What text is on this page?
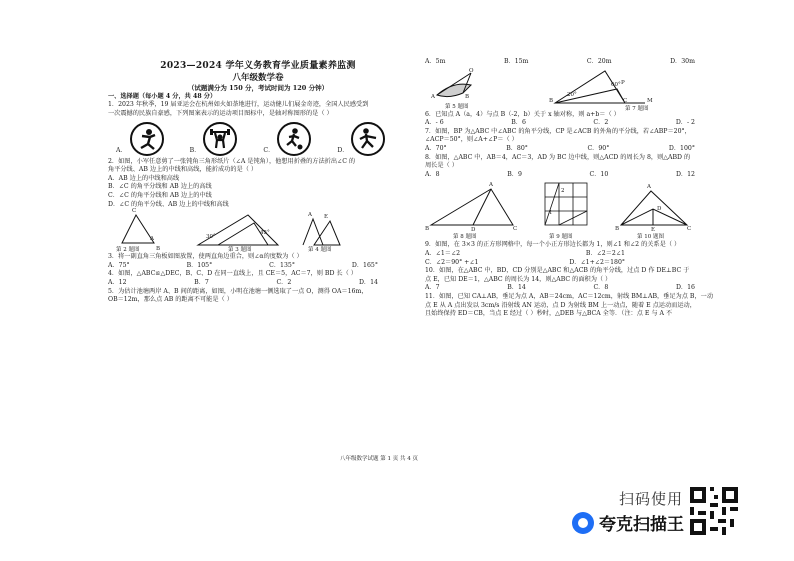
2023—2024 学年义务教育学业质量素养监测

八年级数学卷

（试题满分为 150 分，考试时间为 120 分钟）

一、选择题（每小题 4 分，共 48 分）

1．2023 年秋季，19 届亚运会在杭州如火如荼地进行，运动健儿们展金奇迹，全国人民感受到

一次震撼的民族自豪感，下列图案表示的运动项目图标中，是轴对称图形的是（ ）

A．	B．	C．	D．

2．如图，小军任意剪了一张钝角三角形纸片（∠A 是钝角），他想用折叠的方法折出∠C 的

角平分线、AB 边上的中线和高线，能折成功的是（ ）

A．AB 边上的中线和高线

B．∠C 的角平分线和 AB 边上的高线

C．∠C 的角平分线和 AB 边上的中线

D．∠C 的角平分线、AB 边上的中线和高线

C
A
B
30°
45°
A E
第 2 题图	第 3 题图	第 4 题图

3．将一副直角三角板如图放置，使两直角边重合，则∠α的度数为（ ）

A．75°	B．105°	C．135°	D．165°

4．如图，△ABC≌△DEC，B、C、D 在同一直线上，且 CE＝5，AC＝7，则 BD 长（ ）

A．12	B．7	C．2	D．14

5．为估计池塘两岸 A、B 间的距离，如图，小明在池塘一侧选取了一点 O，测得 OA＝16m，

OB＝12m，那么点 AB 的距离不可能是（ ）

A．5m	B．15m	C．20m	D．30m
O
A	B
第 5 题图
20°
60° P
B	C	M
第 7 题图

6．已知点 A（a，4）与点 B（-2，b）关于 x 轴对称，则 a+b＝（ ）

A．- 6	B．6	C．2	D．- 2

7．如图，BP 为△ABC 中∠ABC 的角平分线，CP 是∠ACB 的外角的平分线，若∠ABP＝20°，

∠ACP＝50°，则∠A+∠P＝（ ）

A．70°	B．80°	C．90°	D．100°

8．如图，△ABC 中，AB＝4，AC＝3，AD 为 BC 边中线，则△ACD 的周长为 8，则△ABD 的

周长是（ ）

A．8	B．9	C．10	D．12
A
B	D	C
2
1
A
B	E
D
C
第 8 题图	第 9 题图	第 10 题图

9．如图，在 3×3 的正方形网格中，每一个小正方形边长都为 1，则∠1 和∠2 的关系是（ ）

A．∠1＝∠2	B．∠2＝2∠1
C．∠2＝90° +∠1	D．∠1+∠2＝180°

10．如图，在△ABC 中，BD，CD 分别是△ABC 和△ACB 的角平分线，过点 D 作 DE⊥BC 于

点 E，已知 DE＝1，△ABC 的周长为 14，则△ABC 的面积为（ ）

A．7	B．14	C．8	D．16

11．如图，已知 CA⊥AB，垂足为点 A，AB＝24cm，AC＝12cm，射线 BM⊥AB，垂足为点 B，一动

点 E 从 A 点出发以 3cm/s 沿射线 AN 运动，点 D 为射线 BM 上一动点，随着 E 点运动而运动，

且始终保持 ED＝CB，当点 E 经过（ ）秒时，△DEB 与△BCA 全等．（注：点 E 与 A 不

八年级数学试题 第 1 页 共 4 页
扫码使用
夸克扫描王
